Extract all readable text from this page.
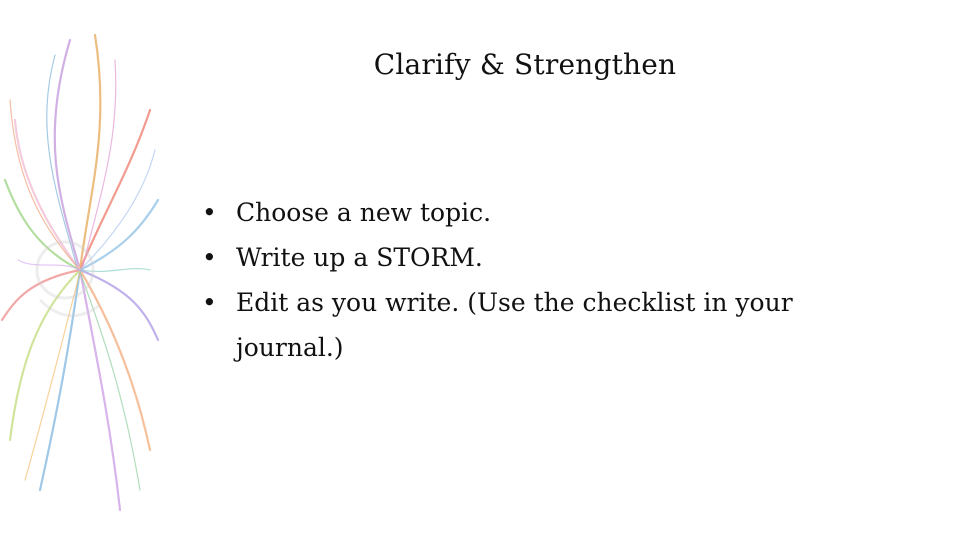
Clarify & Strengthen
• Choose a new topic.
• Write up a STORM.
• Edit as you write. (Use the checklist in your journal.)
